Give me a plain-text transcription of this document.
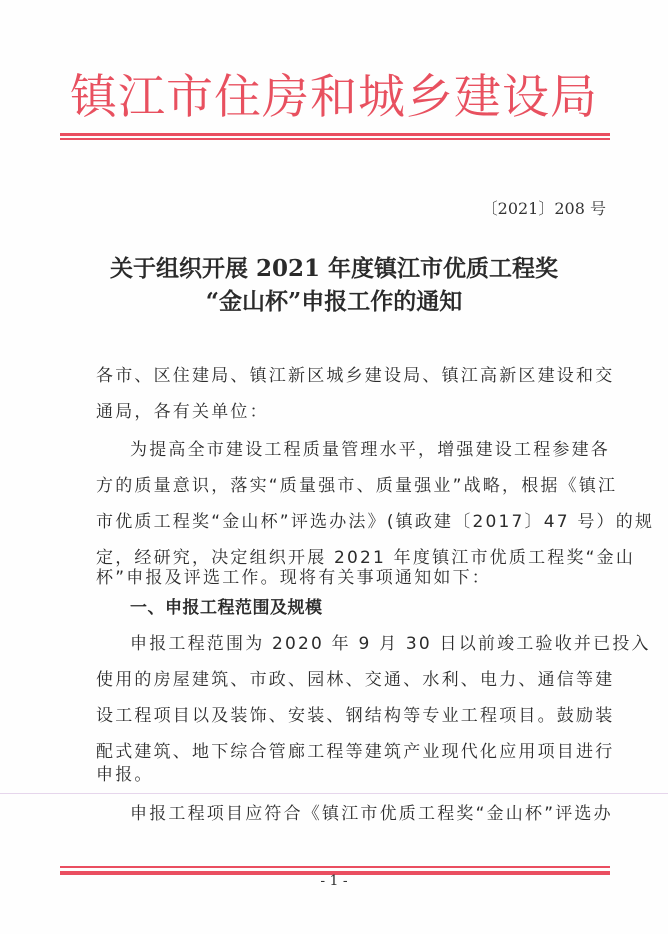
镇江市住房和城乡建设局
〔2021〕208 号
关于组织开展 2021 年度镇江市优质工程奖
“金山杯”申报工作的通知
各市、区住建局、镇江新区城乡建设局、镇江高新区建设和交
通局，各有关单位：
为提高全市建设工程质量管理水平，增强建设工程参建各
方的质量意识，落实“质量强市、质量强业”战略，根据《镇江
市优质工程奖“金山杯”评选办法》(镇政建〔2017〕47 号）的规
定，经研究，决定组织开展 2021 年度镇江市优质工程奖“金山
杯”申报及评选工作。现将有关事项通知如下：
一、申报工程范围及规模
申报工程范围为 2020 年 9 月 30 日以前竣工验收并已投入
使用的房屋建筑、市政、园林、交通、水利、电力、通信等建
设工程项目以及装饰、安装、钢结构等专业工程项目。鼓励装
配式建筑、地下综合管廊工程等建筑产业现代化应用项目进行
申报。
申报工程项目应符合《镇江市优质工程奖“金山杯”评选办
- 1 -
